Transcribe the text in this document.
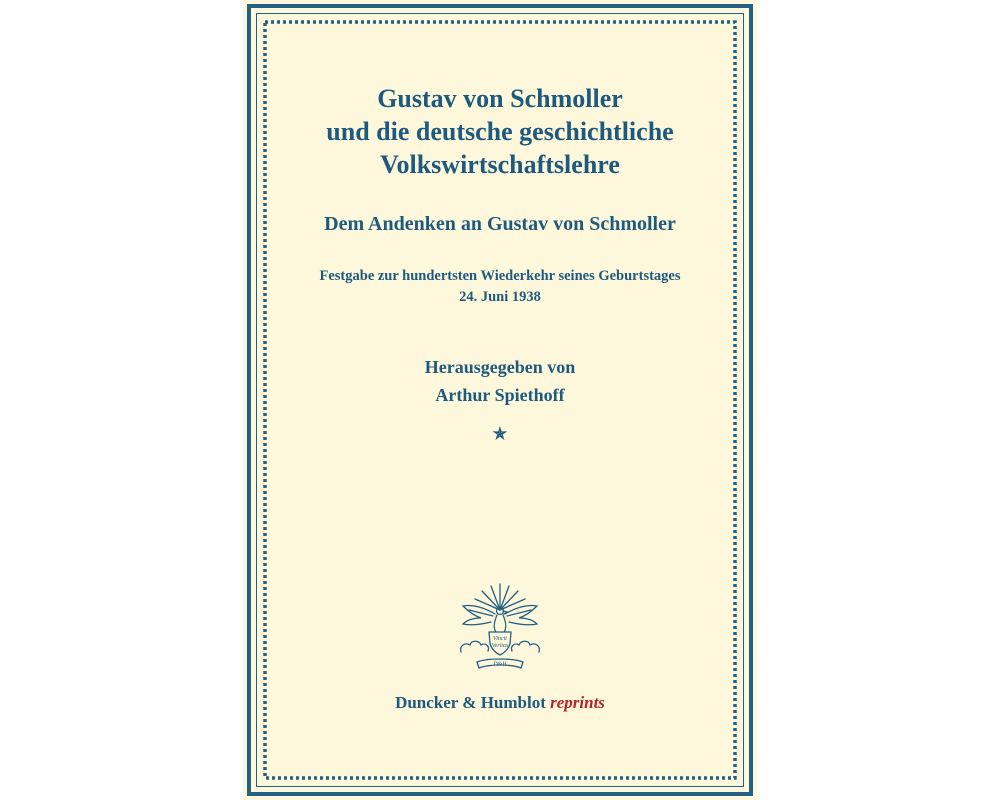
Gustav von Schmoller
und die deutsche geschichtliche
Volkswirtschaftslehre
Dem Andenken an Gustav von Schmoller
Festgabe zur hundertsten Wiederkehr seines Geburtstages
24. Juni 1938
Herausgegeben von
Arthur Spiethoff
✯
Vincit
Veritas
D&H
Duncker & Humblot reprints
